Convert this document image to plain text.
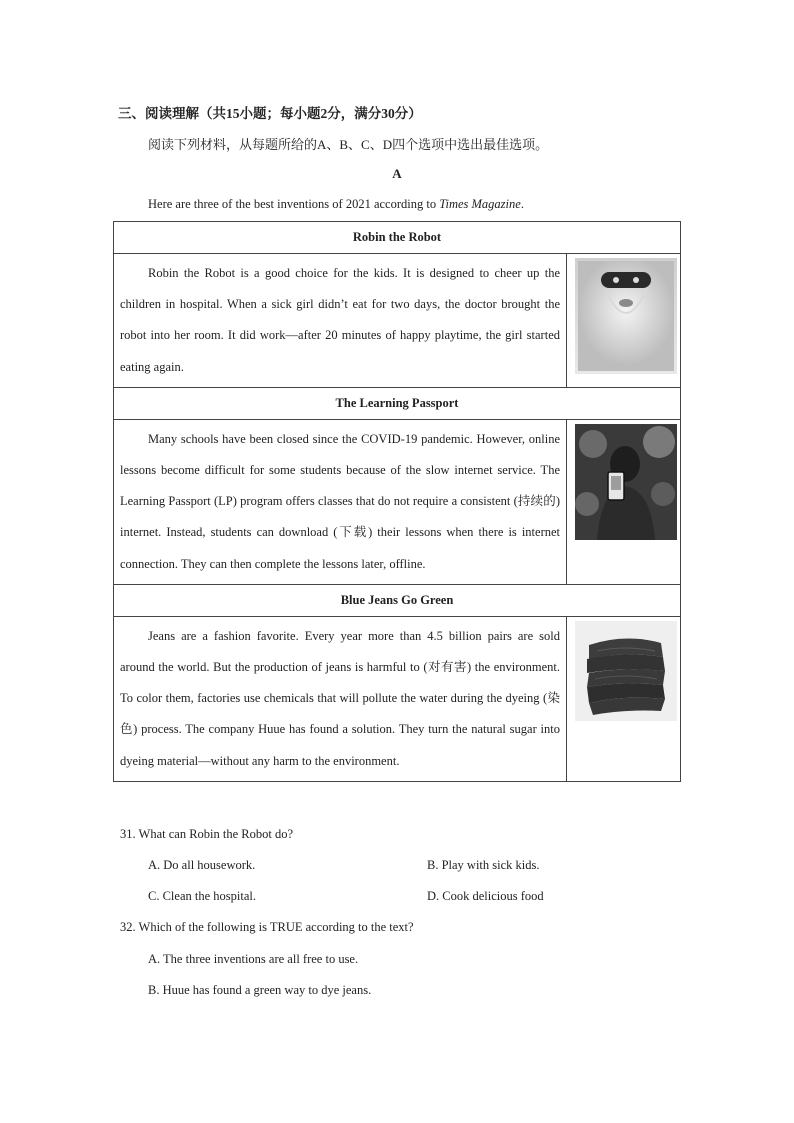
三、阅读理解（共15小题；每小题2分，满分30分）
阅读下列材料，从每题所给的A、B、C、D四个选项中选出最佳选项。
A
Here are three of the best inventions of 2021 according to Times Magazine.
Robin the Robot	

Robin the Robot is a good choice for the kids. It is designed to cheer up the children in hospital. When a sick girl didn’t eat for two days, the doctor brought the robot into her room. It did work—after 20 minutes of happy playtime, the girl started eating again.

The Learning Passport	

Many schools have been closed since the COVID-19 pandemic. However, online lessons become difficult for some students because of the slow internet service. The Learning Passport (LP) program offers classes that do not require a consistent (持续的) internet. Instead, students can download (下载) their lessons when there is internet connection. They can then complete the lessons later, offline.

Blue Jeans Go Green	

Jeans are a fashion favorite. Every year more than 4.5 billion pairs are sold around the world. But the production of jeans is harmful to (对有害) the environment. To color them, factories use chemicals that will pollute the water during the dyeing (染色) process. The company Huue has found a solution. They turn the natural sugar into dyeing material—without any harm to the environment.

31. What can Robin the Robot do?
A. Do all housework.	B. Play with sick kids.
C. Clean the hospital.	D. Cook delicious food
32. Which of the following is TRUE according to the text?
A. The three inventions are all free to use.
B. Huue has found a green way to dye jeans.
